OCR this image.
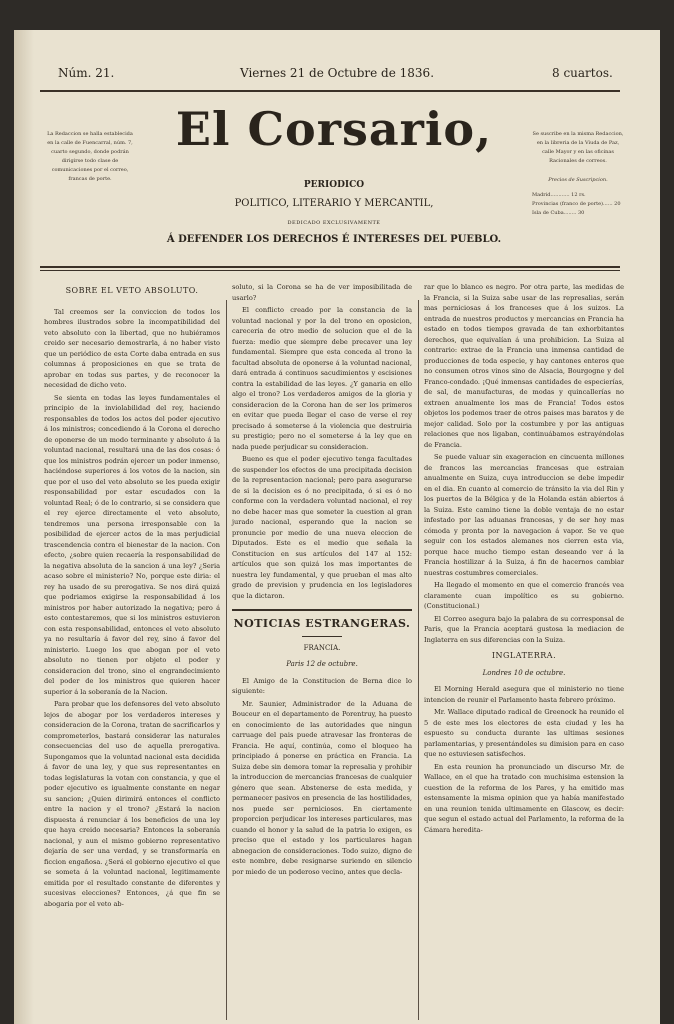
Núm. 21.	Viernes 21 de Octubre de 1836.	8 cuartos.
La Redaccion se halla establecida en la calle de Fuencarral, núm. 7, cuarto segundo, donde podrán dirigirse todo clase de comunicaciones por el correo, francas de porte.
El Corsario,
PERIODICO
POLITICO, LITERARIO Y MERCANTIL,
DEDICADO EXCLUSIVAMENTE
Á DEFENDER LOS DERECHOS É INTERESES DEL PUEBLO.
Se suscribe en la misma Redaccion, en la libreria de la Viuda de Paz, calle Mayor y en las oficinas Racionales de correos.
Precios de Suscripcion.
Madrid............ 12 rs.
Provincias (franco de porte)...... 20
Isla de Cuba........ 30
SOBRE EL VETO ABSOLUTO.

Tal creemos ser la conviccion de todos los hombres ilustrados sobre la incompatibilidad del veto absoluto con la libertad, que no hubiéramos creido ser necesario demostrarla, á no haber visto que un periódico de esta Corte daba entrada en sus columnas á proposiciones en que se trata de aprobar en todas sus partes, y de reconocer la necesidad de dicho veto.

Se sienta en todas las leyes fundamentales el principio de la inviolabilidad del rey, haciendo responsables de todos los actos del poder ejecutivo á los ministros; concediendo á la Corona el derecho de oponerse de un modo terminante y absoluto á la voluntad nacional, resultará una de las dos cosas: ó que los ministros podrán ejercer un poder inmenso, haciéndose superiores á los votos de la nacion, sin que por el uso del veto absoluto se les pueda exigir responsabilidad por estar escudados con la voluntad Real; ó de lo contrario, si se considera que el rey ejerce directamente el veto absoluto, tendremos una persona irresponsable con la posibilidad de ejercer actos de la mas perjudicial trascendencia contra el bienestar de la nacion. Con efecto, ¿sobre quien recaería la responsabilidad de la negativa absoluta de la sancion á una ley? ¿Seria acaso sobre el ministerio? No, porque este diria: el rey ha usado de su prerogativa. Se nos dirá quizá que podriamos exigirse la responsabilidad á los ministros por haber autorizado la negativa; pero á esto contestaremos, que si los ministros estuvieron con esta responsabilidad, entonces el veto absoluto ya no resultaría á favor del rey, sino á favor del ministerio. Luego los que abogan por el veto absoluto no tienen por objeto el poder y consideracion del trono, sino el engrandecimiento del poder de los ministros que quieren hacer superior á la soberanía de la Nacion.

Para probar que los defensores del veto absoluto lejos de abogar por los verdaderos intereses y consideracion de la Corona, tratan de sacrificarlos y comprometerlos, bastará considerar las naturales consecuencias del uso de aquella prerogativa. Supongamos que la voluntad nacional esta decidida á favor de una ley, y que sus representantes en todas legislaturas la votan con constancia, y que el poder ejecutivo es igualmente constante en negar su sancion; ¿Quien dirimirá entonces el conflicto entre la nacion y el trono? ¿Estará la nacion dispuesta á renunciar á los beneficios de una ley que haya creido necesaria? Entonces la soberanía nacional, y aun el mismo gobierno representativo dejaría de ser una verdad, y se transformaría en ficcion engañosa. ¿Será el gobierno ejecutivo el que se someta á la voluntad nacional, legitimamente emitida por el resultado constante de diferentes y sucesivas elecciones? Entonces, ¿á que fin se abogaria por el veto ab-

soluto, si la Corona se ha de ver imposibilitada de usarlo?

El conflicto creado por la constancia de la voluntad nacional y por la del trono en oposicion, careceria de otro medio de solucion que el de la fuerza: medio que siempre debe precaver una ley fundamental. Siempre que esta conceda al trono la facultad absoluta de oponerse á la voluntad nacional, dará entrada á continuos sacudimientos y escisiones contra la estabilidad de las leyes. ¿Y ganaria en ello algo el trono? Los verdaderos amigos de la gloria y consideracion de la Corona han de ser los primeros en evitar que pueda llegar el caso de verse el rey precisado á someterse á la violencia que destruiria su prestigio; pero no el someterse á la ley que en nada puede perjudicar su consideracion.

Bueno es que el poder ejecutivo tenga facultades de suspender los efectos de una precipitada decision de la representacion nacional; pero para asegurarse de si la decision es ó no precipitada, ó si es ó no conforme con la verdadera voluntad nacional, el rey no debe hacer mas que someter la cuestion al gran jurado nacional, esperando que la nacion se pronuncie por medio de una nueva eleccion de Diputados. Este es el medio que señala la Constitucion en sus artículos del 147 al 152: artículos que son quizá los mas importantes de nuestra ley fundamental, y que prueban el mas alto grado de prevision y prudencia en los legisladores que la dictaron.

NOTICIAS ESTRANGERAS.
FRANCIA.
Paris 12 de octubre.

El Amigo de la Constitucion de Berna dice lo siguiente:

Mr. Saunier, Administrador de la Aduana de Bouceur en el departamento de Porentruy, ha puesto en conocimiento de las autoridades que ningun carruage del pais puede atravesar las fronteras de Francia. He aquí, continúa, como el bloqueo ha principiado á ponerse en práctica en Francia. La Suiza debe sin demora tomar la represalia y prohibir la introduccion de mercancias francesas de cualquier género que sean. Abstenerse de esta medida, y permanecer pasivos en presencia de las hostilidades, nos puede ser perniciosos. En ciertamente proporcion perjudicar los intereses particulares, mas cuando el honor y la salud de la patria lo exigen, es preciso que el estado y los particulares hagan abnegacion de consideraciones. Todo suizo, digno de este nombre, debe resignarse suriendo en silencio por miedo de un poderoso vecino, antes que decla-

rar que lo blanco es negro. Por otra parte, las medidas de la Francia, si la Suiza sabe usar de las represalias, serán mas perniciosas á los franceses que á los suizos. La entrada de nuestros productos y mercancias en Francia ha estado en todos tiempos gravada de tan exhorbitantes derechos, que equivalían á una prohibicion. La Suiza al contrario: extrae de la Francia una inmensa cantidad de producciones de toda especie, y hay cantones enteros que no consumen otros vinos sino de Alsacia, Bourgogne y del Franco-condado. ¡Qué inmensas cantidades de especierías, de sal, de manufacturas, de modas y quincallerías no extraen anualmente los mas de Francia! Todos estos objetos los podemos traer de otros paises mas baratos y de mejor calidad. Solo por la costumbre y por las antiguas relaciones que nos ligaban, continuábamos estrayéndolas de Francia.

Se puede valuar sin exageracion en cincuenta millones de francos las mercancias francesas que estraian anualmente en Suiza, cuya introduccion se debe impedir en el dia. En cuanto al comercio de tránsito la via del Rin y los puertos de la Bélgica y de la Holanda están abiertos á la Suiza. Este camino tiene la doble ventaja de no estar infestado por las aduanas francesas, y de ser hoy mas cómoda y pronta por la navegacion á vapor. Se ve que seguir con los estados alemanes nos cierren esta via, porque hace mucho tiempo estan deseando ver á la Francia hostilizar á la Suiza, á fin de hacernos cambiar nuestras costumbres comerciales.

Ha llegado el momento en que el comercio francés vea claramente cuan impolítico es su gobierno. (Constitucional.)

El Correo asegura bajo la palabra de su corresponsal de Paris, que la Francia aceptará gustosa la mediacion de Inglaterra en sus diferencias con la Suiza.

INGLATERRA.
Londres 10 de octubre.

El Morning Herald asegura que el ministerio no tiene intencion de reunir el Parlamento hasta febrero próximo.

Mr. Wallace diputado radical de Greenock ha reunido el 5 de este mes los electores de esta ciudad y les ha espuesto su conducta durante las ultimas sesiones parlamentarias, y presentándoles su dimision para en caso que no estuviesen satisfechos.

En esta reunion ha pronunciado un discurso Mr. de Wallace, en el que ha tratado con muchisima estension la cuestion de la reforma de los Pares, y ha emitido mas estensamente la misma opinion que ya había manifestado en una reunion tenida ultimamente en Glascow, es decir: que segun el estado actual del Parlamento, la reforma de la Cámara heredita-
